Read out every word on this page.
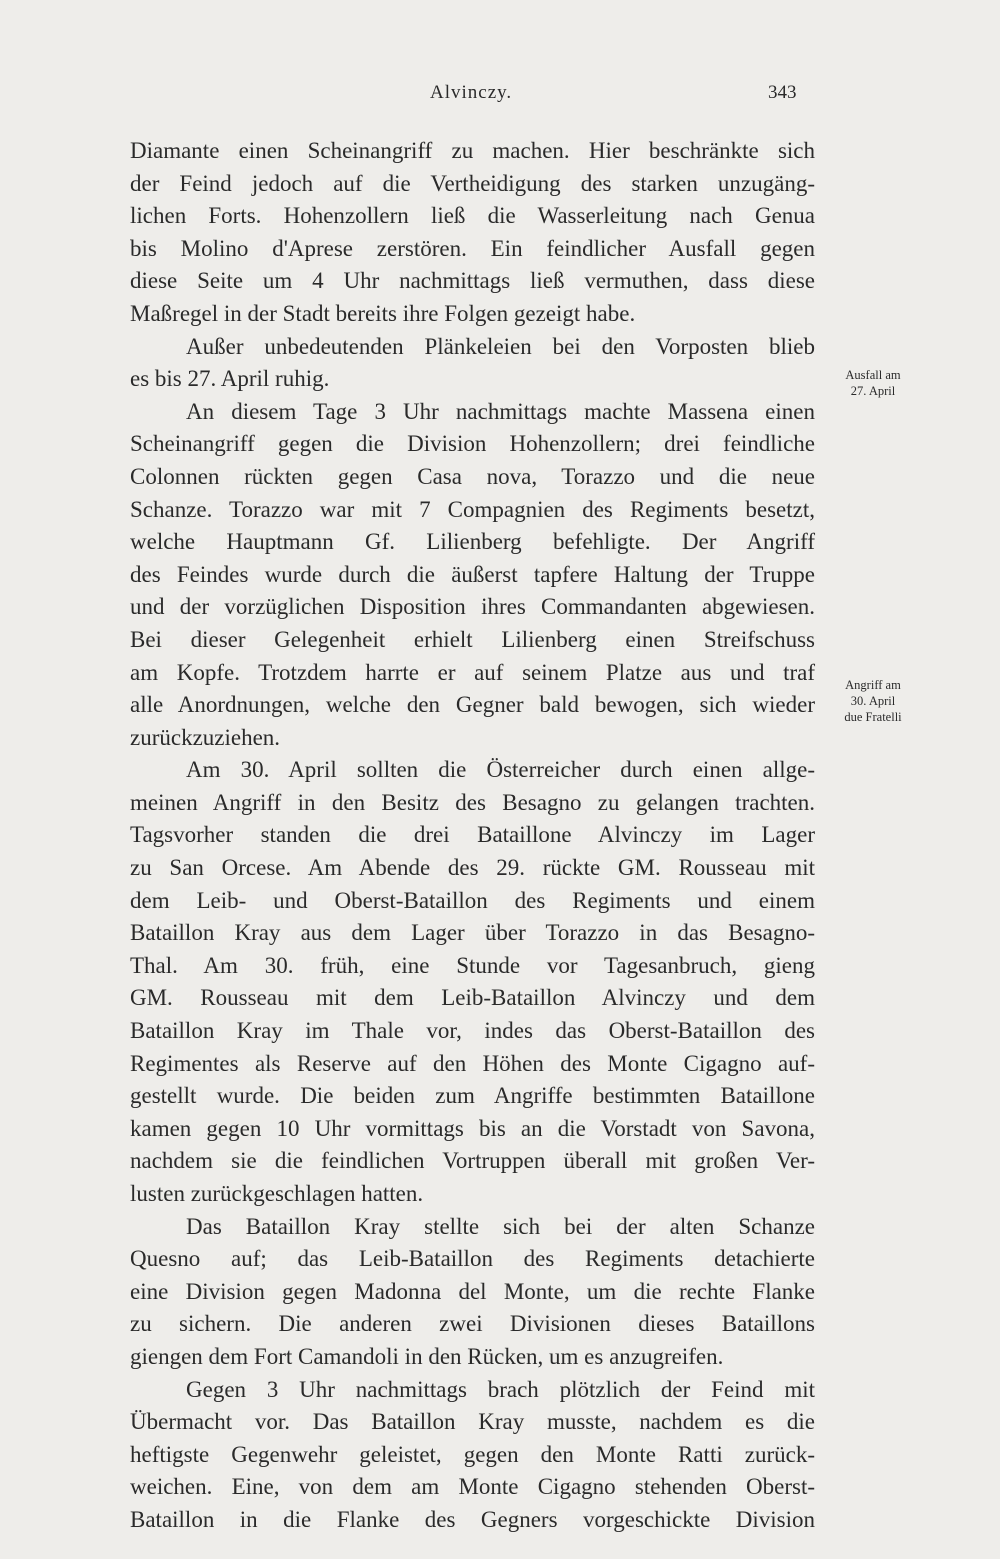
Alvinczy.	343
Diamante einen Scheinangriff zu machen. Hier beschränkte sich
der Feind jedoch auf die Vertheidigung des starken unzugäng-
lichen Forts. Hohenzollern ließ die Wasserleitung nach Genua
bis Molino d'Aprese zerstören. Ein feindlicher Ausfall gegen
diese Seite um 4 Uhr nachmittags ließ vermuthen, dass diese
Maßregel in der Stadt bereits ihre Folgen gezeigt habe.
Außer unbedeutenden Plänkeleien bei den Vorposten blieb
es bis 27. April ruhig.
An diesem Tage 3 Uhr nachmittags machte Massena einen
Scheinangriff gegen die Division Hohenzollern; drei feindliche
Colonnen rückten gegen Casa nova, Torazzo und die neue
Schanze. Torazzo war mit 7 Compagnien des Regiments besetzt,
welche Hauptmann Gf. Lilienberg befehligte. Der Angriff
des Feindes wurde durch die äußerst tapfere Haltung der Truppe
und der vorzüglichen Disposition ihres Commandanten abgewiesen.
Bei dieser Gelegenheit erhielt Lilienberg einen Streifschuss
am Kopfe. Trotzdem harrte er auf seinem Platze aus und traf
alle Anordnungen, welche den Gegner bald bewogen, sich wieder
zurückzuziehen.
Am 30. April sollten die Österreicher durch einen allge-
meinen Angriff in den Besitz des Besagno zu gelangen trachten.
Tagsvorher standen die drei Bataillone Alvinczy im Lager
zu San Orcese. Am Abende des 29. rückte GM. Rousseau mit
dem Leib- und Oberst-Bataillon des Regiments und einem
Bataillon Kray aus dem Lager über Torazzo in das Besagno-
Thal. Am 30. früh, eine Stunde vor Tagesanbruch, gieng
GM. Rousseau mit dem Leib-Bataillon Alvinczy und dem
Bataillon Kray im Thale vor, indes das Oberst-Bataillon des
Regimentes als Reserve auf den Höhen des Monte Cigagno auf-
gestellt wurde. Die beiden zum Angriffe bestimmten Bataillone
kamen gegen 10 Uhr vormittags bis an die Vorstadt von Savona,
nachdem sie die feindlichen Vortruppen überall mit großen Ver-
lusten zurückgeschlagen hatten.
Das Bataillon Kray stellte sich bei der alten Schanze
Quesno auf; das Leib-Bataillon des Regiments detachierte
eine Division gegen Madonna del Monte, um die rechte Flanke
zu sichern. Die anderen zwei Divisionen dieses Bataillons
giengen dem Fort Camandoli in den Rücken, um es anzugreifen.
Gegen 3 Uhr nachmittags brach plötzlich der Feind mit
Übermacht vor. Das Bataillon Kray musste, nachdem es die
heftigste Gegenwehr geleistet, gegen den Monte Ratti zurück-
weichen. Eine, von dem am Monte Cigagno stehenden Oberst-
Bataillon in die Flanke des Gegners vorgeschickte Division
Ausfall am
27. April
Angriff am
30. April
due Fratelli
